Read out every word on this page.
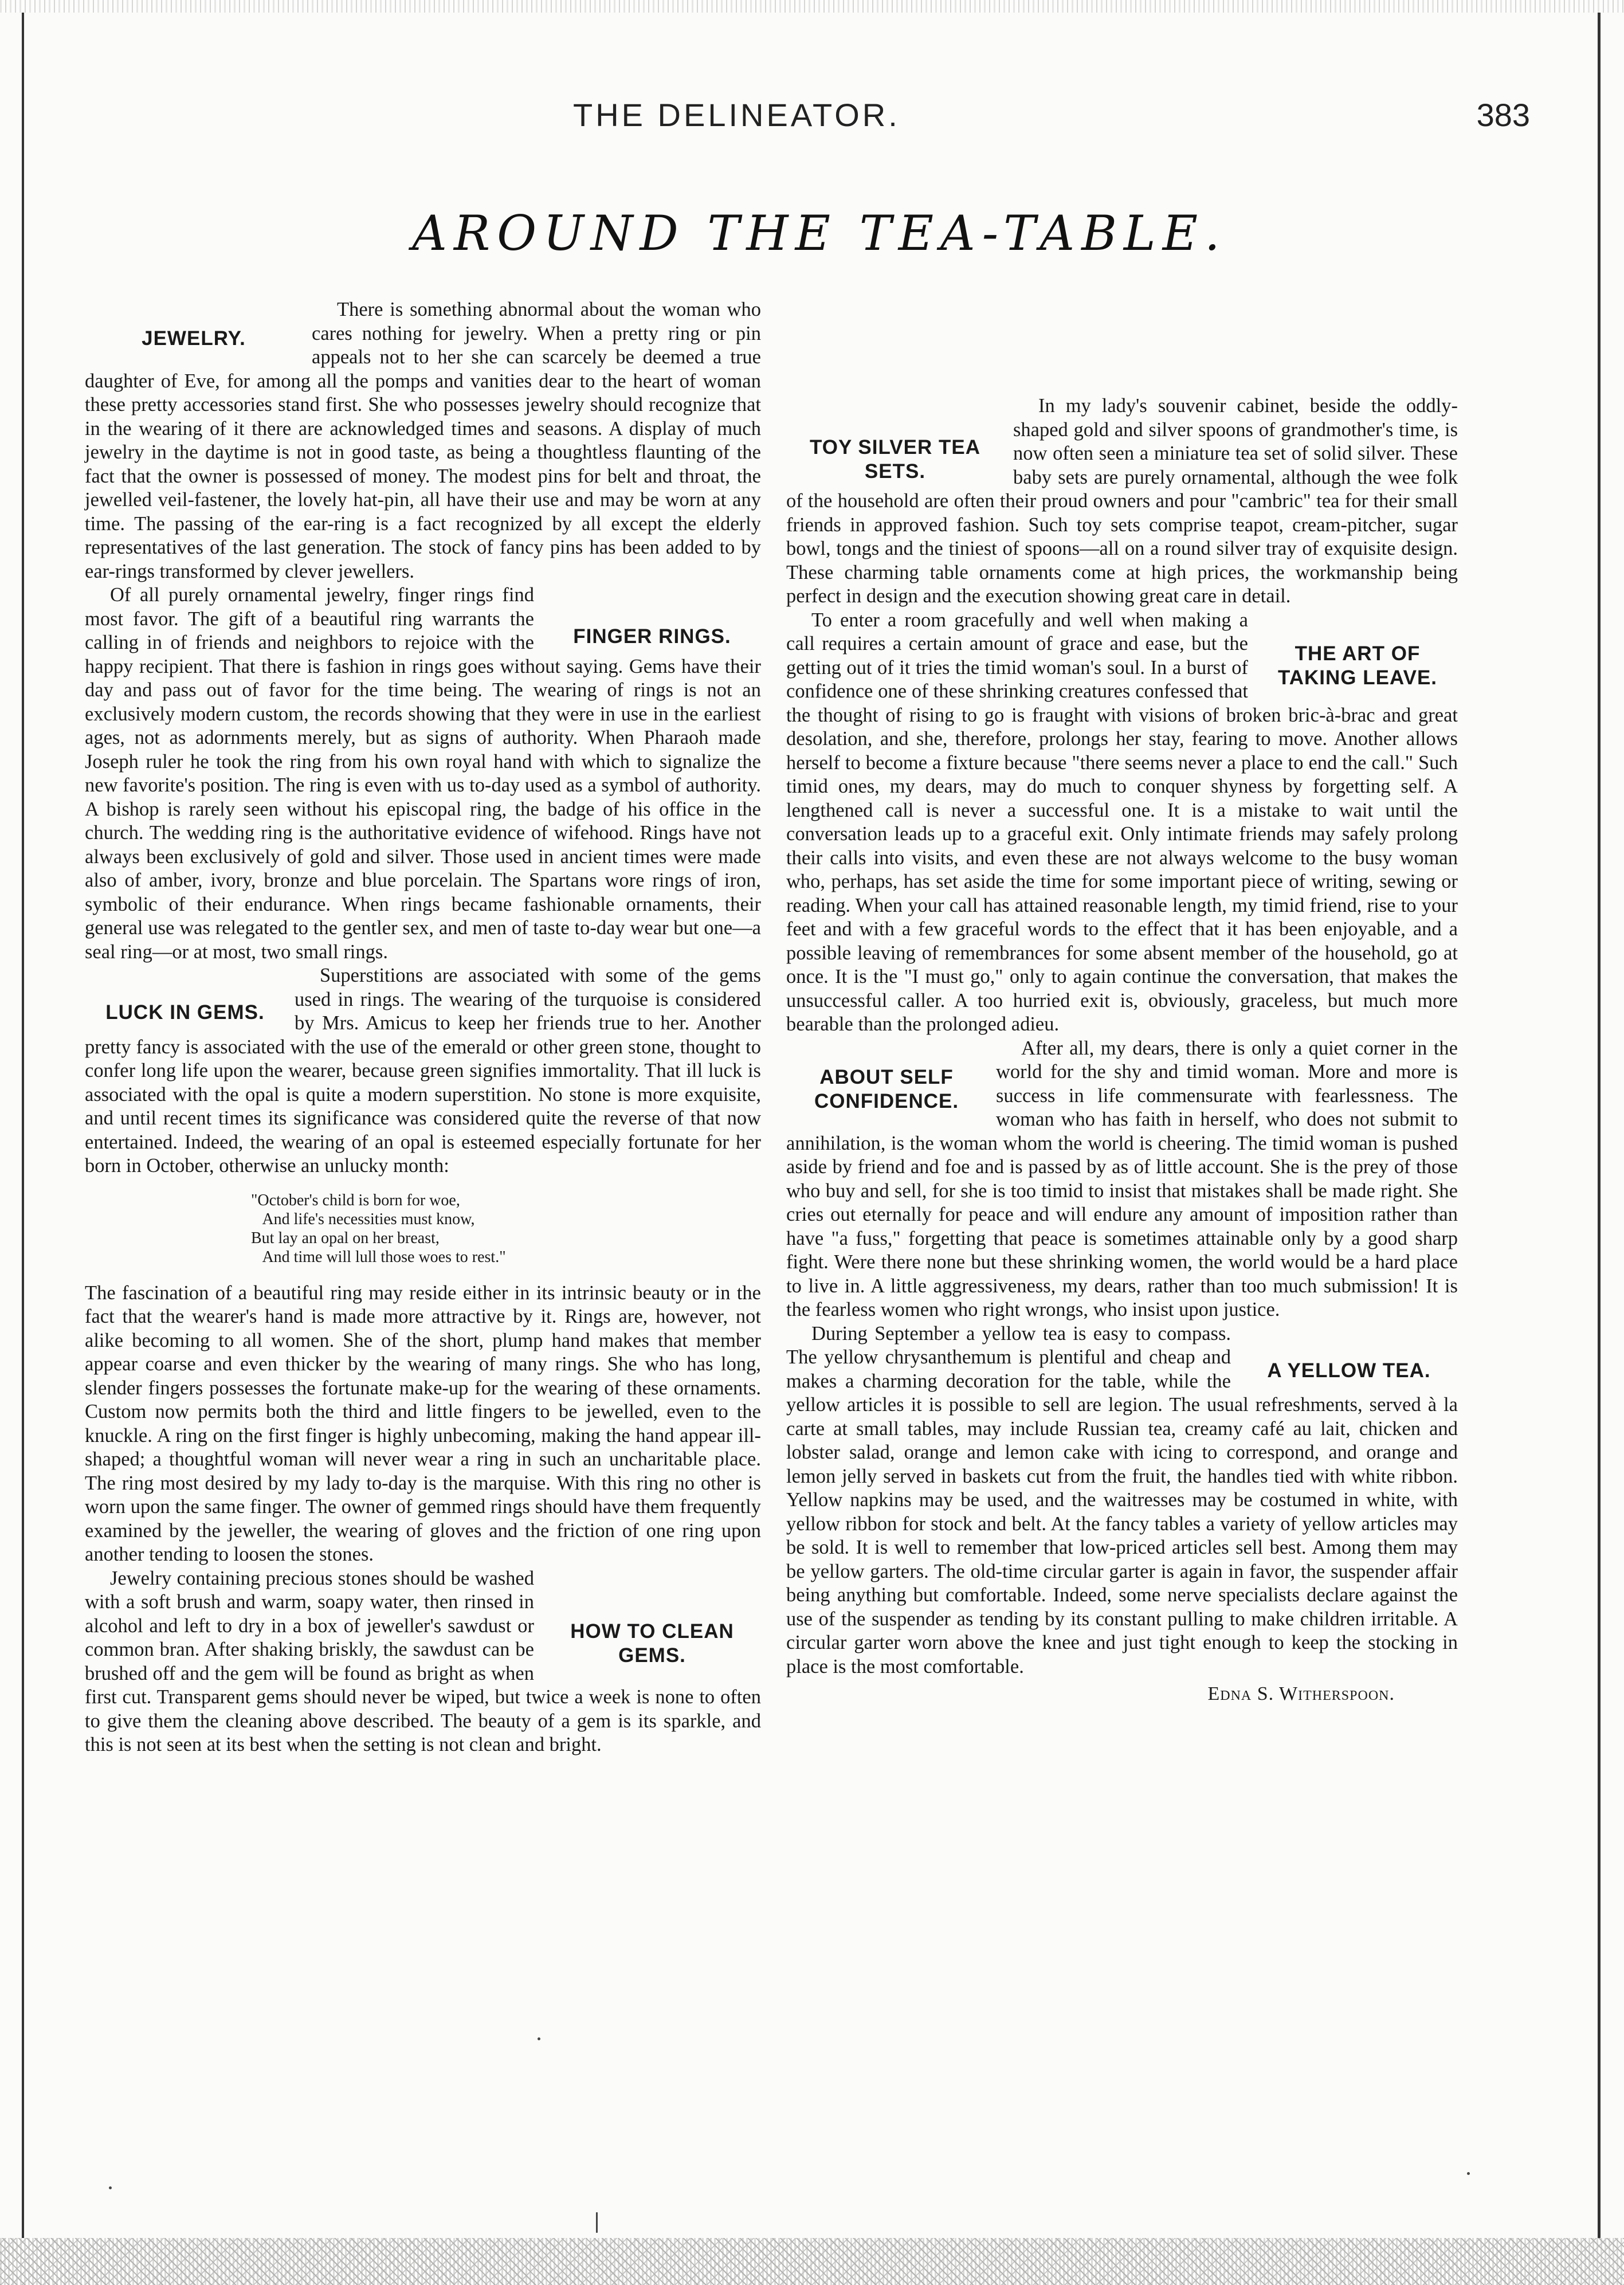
THE DELINEATOR.	383
AROUND THE TEA-TABLE.
JEWELRY.

There is something abnormal about the woman who cares nothing for jewelry. When a pretty ring or pin appeals not to her she can scarcely be deemed a true daughter of Eve, for among all the pomps and vanities dear to the heart of woman these pretty accessories stand first. She who possesses jewelry should recognize that in the wearing of it there are acknowledged times and seasons. A display of much jewelry in the daytime is not in good taste, as being a thoughtless flaunting of the fact that the owner is possessed of money. The modest pins for belt and throat, the jewelled veil-fastener, the lovely hat-pin, all have their use and may be worn at any time. The passing of the ear-ring is a fact recognized by all except the elderly representatives of the last generation. The stock of fancy pins has been added to by ear-rings transformed by clever jewellers.

FINGER RINGS.

Of all purely ornamental jewelry, finger rings find most favor. The gift of a beautiful ring warrants the calling in of friends and neighbors to rejoice with the happy recipient. That there is fashion in rings goes without saying. Gems have their day and pass out of favor for the time being. The wearing of rings is not an exclusively modern custom, the records showing that they were in use in the earliest ages, not as adornments merely, but as signs of authority. When Pharaoh made Joseph ruler he took the ring from his own royal hand with which to signalize the new favorite's position. The ring is even with us to-day used as a symbol of authority. A bishop is rarely seen without his episcopal ring, the badge of his office in the church. The wedding ring is the authoritative evidence of wifehood. Rings have not always been exclusively of gold and silver. Those used in ancient times were made also of amber, ivory, bronze and blue porcelain. The Spartans wore rings of iron, symbolic of their endurance. When rings became fashionable ornaments, their general use was relegated to the gentler sex, and men of taste to-day wear but one—a seal ring—or at most, two small rings.

LUCK IN GEMS.

Superstitions are associated with some of the gems used in rings. The wearing of the turquoise is considered by Mrs. Amicus to keep her friends true to her. Another pretty fancy is associated with the use of the emerald or other green stone, thought to confer long life upon the wearer, because green signifies immortality. That ill luck is associated with the opal is quite a modern superstition. No stone is more exquisite, and until recent times its significance was considered quite the reverse of that now entertained. Indeed, the wearing of an opal is esteemed especially fortunate for her born in October, otherwise an unlucky month:

"October's child is born for woe,
And life's necessities must know,
But lay an opal on her breast,
And time will lull those woes to rest."

The fascination of a beautiful ring may reside either in its intrinsic beauty or in the fact that the wearer's hand is made more attractive by it. Rings are, however, not alike becoming to all women. She of the short, plump hand makes that member appear coarse and even thicker by the wearing of many rings. She who has long, slender fingers possesses the fortunate make-up for the wearing of these ornaments. Custom now permits both the third and little fingers to be jewelled, even to the knuckle. A ring on the first finger is highly unbecoming, making the hand appear ill-shaped; a thoughtful woman will never wear a ring in such an uncharitable place. The ring most desired by my lady to-day is the marquise. With this ring no other is worn upon the same finger. The owner of gemmed rings should have them frequently examined by the jeweller, the wearing of gloves and the friction of one ring upon another tending to loosen the stones.

HOW TO CLEAN GEMS.

Jewelry containing precious stones should be washed with a soft brush and warm, soapy water, then rinsed in alcohol and left to dry in a box of jeweller's sawdust or common bran. After shaking briskly, the sawdust can be brushed off and the gem will be found as bright as when first cut. Transparent gems should never be wiped, but twice a week is none to often to give them the cleaning above described. The beauty of a gem is its sparkle, and this is not seen at its best when the setting is not clean and bright.

TOY SILVER TEA SETS.

In my lady's souvenir cabinet, beside the oddly-shaped gold and silver spoons of grandmother's time, is now often seen a miniature tea set of solid silver. These baby sets are purely ornamental, although the wee folk of the household are often their proud owners and pour "cambric" tea for their small friends in approved fashion. Such toy sets comprise teapot, cream-pitcher, sugar bowl, tongs and the tiniest of spoons—all on a round silver tray of exquisite design. These charming table ornaments come at high prices, the workmanship being perfect in design and the execution showing great care in detail.

THE ART OF TAKING LEAVE.

To enter a room gracefully and well when making a call requires a certain amount of grace and ease, but the getting out of it tries the timid woman's soul. In a burst of confidence one of these shrinking creatures confessed that the thought of rising to go is fraught with visions of broken bric-à-brac and great desolation, and she, therefore, prolongs her stay, fearing to move. Another allows herself to become a fixture because "there seems never a place to end the call." Such timid ones, my dears, may do much to conquer shyness by forgetting self. A lengthened call is never a successful one. It is a mistake to wait until the conversation leads up to a graceful exit. Only intimate friends may safely prolong their calls into visits, and even these are not always welcome to the busy woman who, perhaps, has set aside the time for some important piece of writing, sewing or reading. When your call has attained reasonable length, my timid friend, rise to your feet and with a few graceful words to the effect that it has been enjoyable, and a possible leaving of remembrances for some absent member of the household, go at once. It is the "I must go," only to again continue the conversation, that makes the unsuccessful caller. A too hurried exit is, obviously, graceless, but much more bearable than the prolonged adieu.

ABOUT SELF CONFIDENCE.

After all, my dears, there is only a quiet corner in the world for the shy and timid woman. More and more is success in life commensurate with fearlessness. The woman who has faith in herself, who does not submit to annihilation, is the woman whom the world is cheering. The timid woman is pushed aside by friend and foe and is passed by as of little account. She is the prey of those who buy and sell, for she is too timid to insist that mistakes shall be made right. She cries out eternally for peace and will endure any amount of imposition rather than have "a fuss," forgetting that peace is sometimes attainable only by a good sharp fight. Were there none but these shrinking women, the world would be a hard place to live in. A little aggressiveness, my dears, rather than too much submission! It is the fearless women who right wrongs, who insist upon justice.

A YELLOW TEA.

During September a yellow tea is easy to compass. The yellow chrysanthemum is plentiful and cheap and makes a charming decoration for the table, while the yellow articles it is possible to sell are legion. The usual refreshments, served à la carte at small tables, may include Russian tea, creamy café au lait, chicken and lobster salad, orange and lemon cake with icing to correspond, and orange and lemon jelly served in baskets cut from the fruit, the handles tied with white ribbon. Yellow napkins may be used, and the waitresses may be costumed in white, with yellow ribbon for stock and belt. At the fancy tables a variety of yellow articles may be sold. It is well to remember that low-priced articles sell best. Among them may be yellow garters. The old-time circular garter is again in favor, the suspender affair being anything but comfortable. Indeed, some nerve specialists declare against the use of the suspender as tending by its constant pulling to make children irritable. A circular garter worn above the knee and just tight enough to keep the stocking in place is the most comfortable.

Edna S. Witherspoon.
